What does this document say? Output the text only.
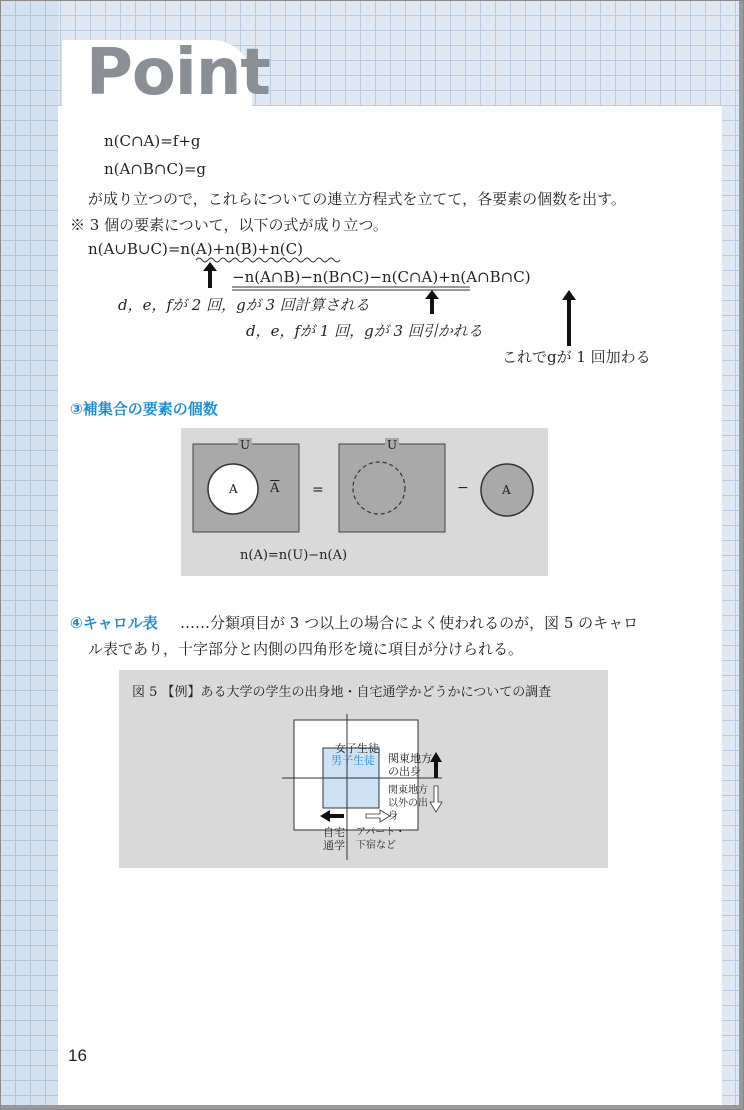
Point
n(C∩A)=f+g
n(A∩B∩C)=g
が成り立つので，これらについての連立方程式を立てて，各要素の個数を出す。
※ 3 個の要素について，以下の式が成り立つ。
n(A∪B∪C)=n(A)+n(B)+n(C)
−n(A∩B)−n(B∩C)−n(C∩A)+n(A∩B∩C)
d，e，fが 2 回，gが 3 回計算される
d，e，fが 1 回，gが 3 回引かれる
これでgが 1 回加わる
③補集合の要素の個数
U	U
A $\overline{A}$ =	−	A
n(A)=n(U)−n(A)
④キャロル表 ……分類項目が 3 つ以上の場合によく使われるのが，図 5 のキャロ
ル表であり，十字部分と内側の四角形を境に項目が分けられる。
図 5 【例】ある大学の学生の出身地・自宅通学かどうかについての調査
女子生徒
男子生徒 関東地方の出身
関東地方以外の出身
自宅通学
アパート・下宿など
16
